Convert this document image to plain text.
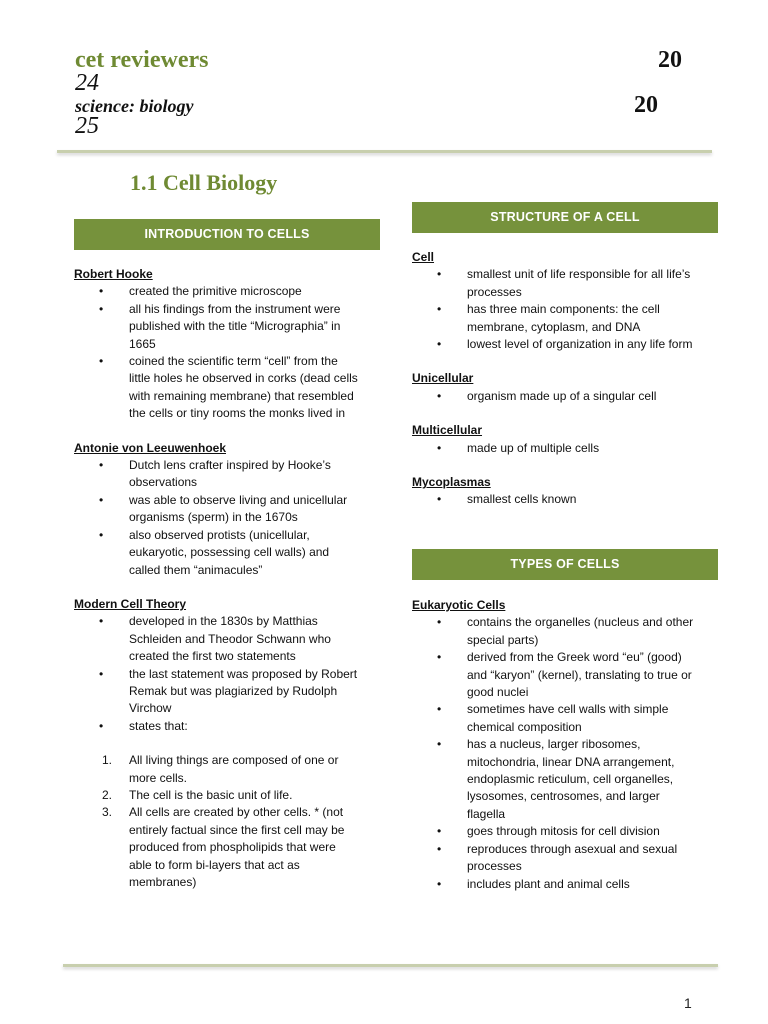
cet reviewers	20
24
science: biology	20
25
1.1 Cell Biology
INTRODUCTION TO CELLS
STRUCTURE OF A CELL
Robert Hooke
• created the primitive microscope
• all his findings from the instrument were published with the title “Micrographia” in 1665
• coined the scientific term “cell” from the little holes he observed in corks (dead cells with remaining membrane) that resembled the cells or tiny rooms the monks lived in
Antonie von Leeuwenhoek
• Dutch lens crafter inspired by Hooke’s observations
• was able to observe living and unicellular organisms (sperm) in the 1670s
• also observed protists (unicellular, eukaryotic, possessing cell walls) and called them “animacules”
Modern Cell Theory
• developed in the 1830s by Matthias Schleiden and Theodor Schwann who created the first two statements
• the last statement was proposed by Robert Remak but was plagiarized by Rudolph Virchow
• states that:
1. All living things are composed of one or more cells.
2. The cell is the basic unit of life.
3. All cells are created by other cells. * (not entirely factual since the first cell may be produced from phospholipids that were able to form bi-layers that act as membranes)
Cell
• smallest unit of life responsible for all life’s processes
• has three main components: the cell membrane, cytoplasm, and DNA
• lowest level of organization in any life form
Unicellular
• organism made up of a singular cell
Multicellular
• made up of multiple cells
Mycoplasmas
• smallest cells known
TYPES OF CELLS
Eukaryotic Cells
• contains the organelles (nucleus and other special parts)
• derived from the Greek word “eu” (good) and “karyon” (kernel), translating to true or good nuclei
• sometimes have cell walls with simple chemical composition
• has a nucleus, larger ribosomes, mitochondria, linear DNA arrangement, endoplasmic reticulum, cell organelles, lysosomes, centrosomes, and larger flagella
• goes through mitosis for cell division
• reproduces through asexual and sexual processes
• includes plant and animal cells
1
